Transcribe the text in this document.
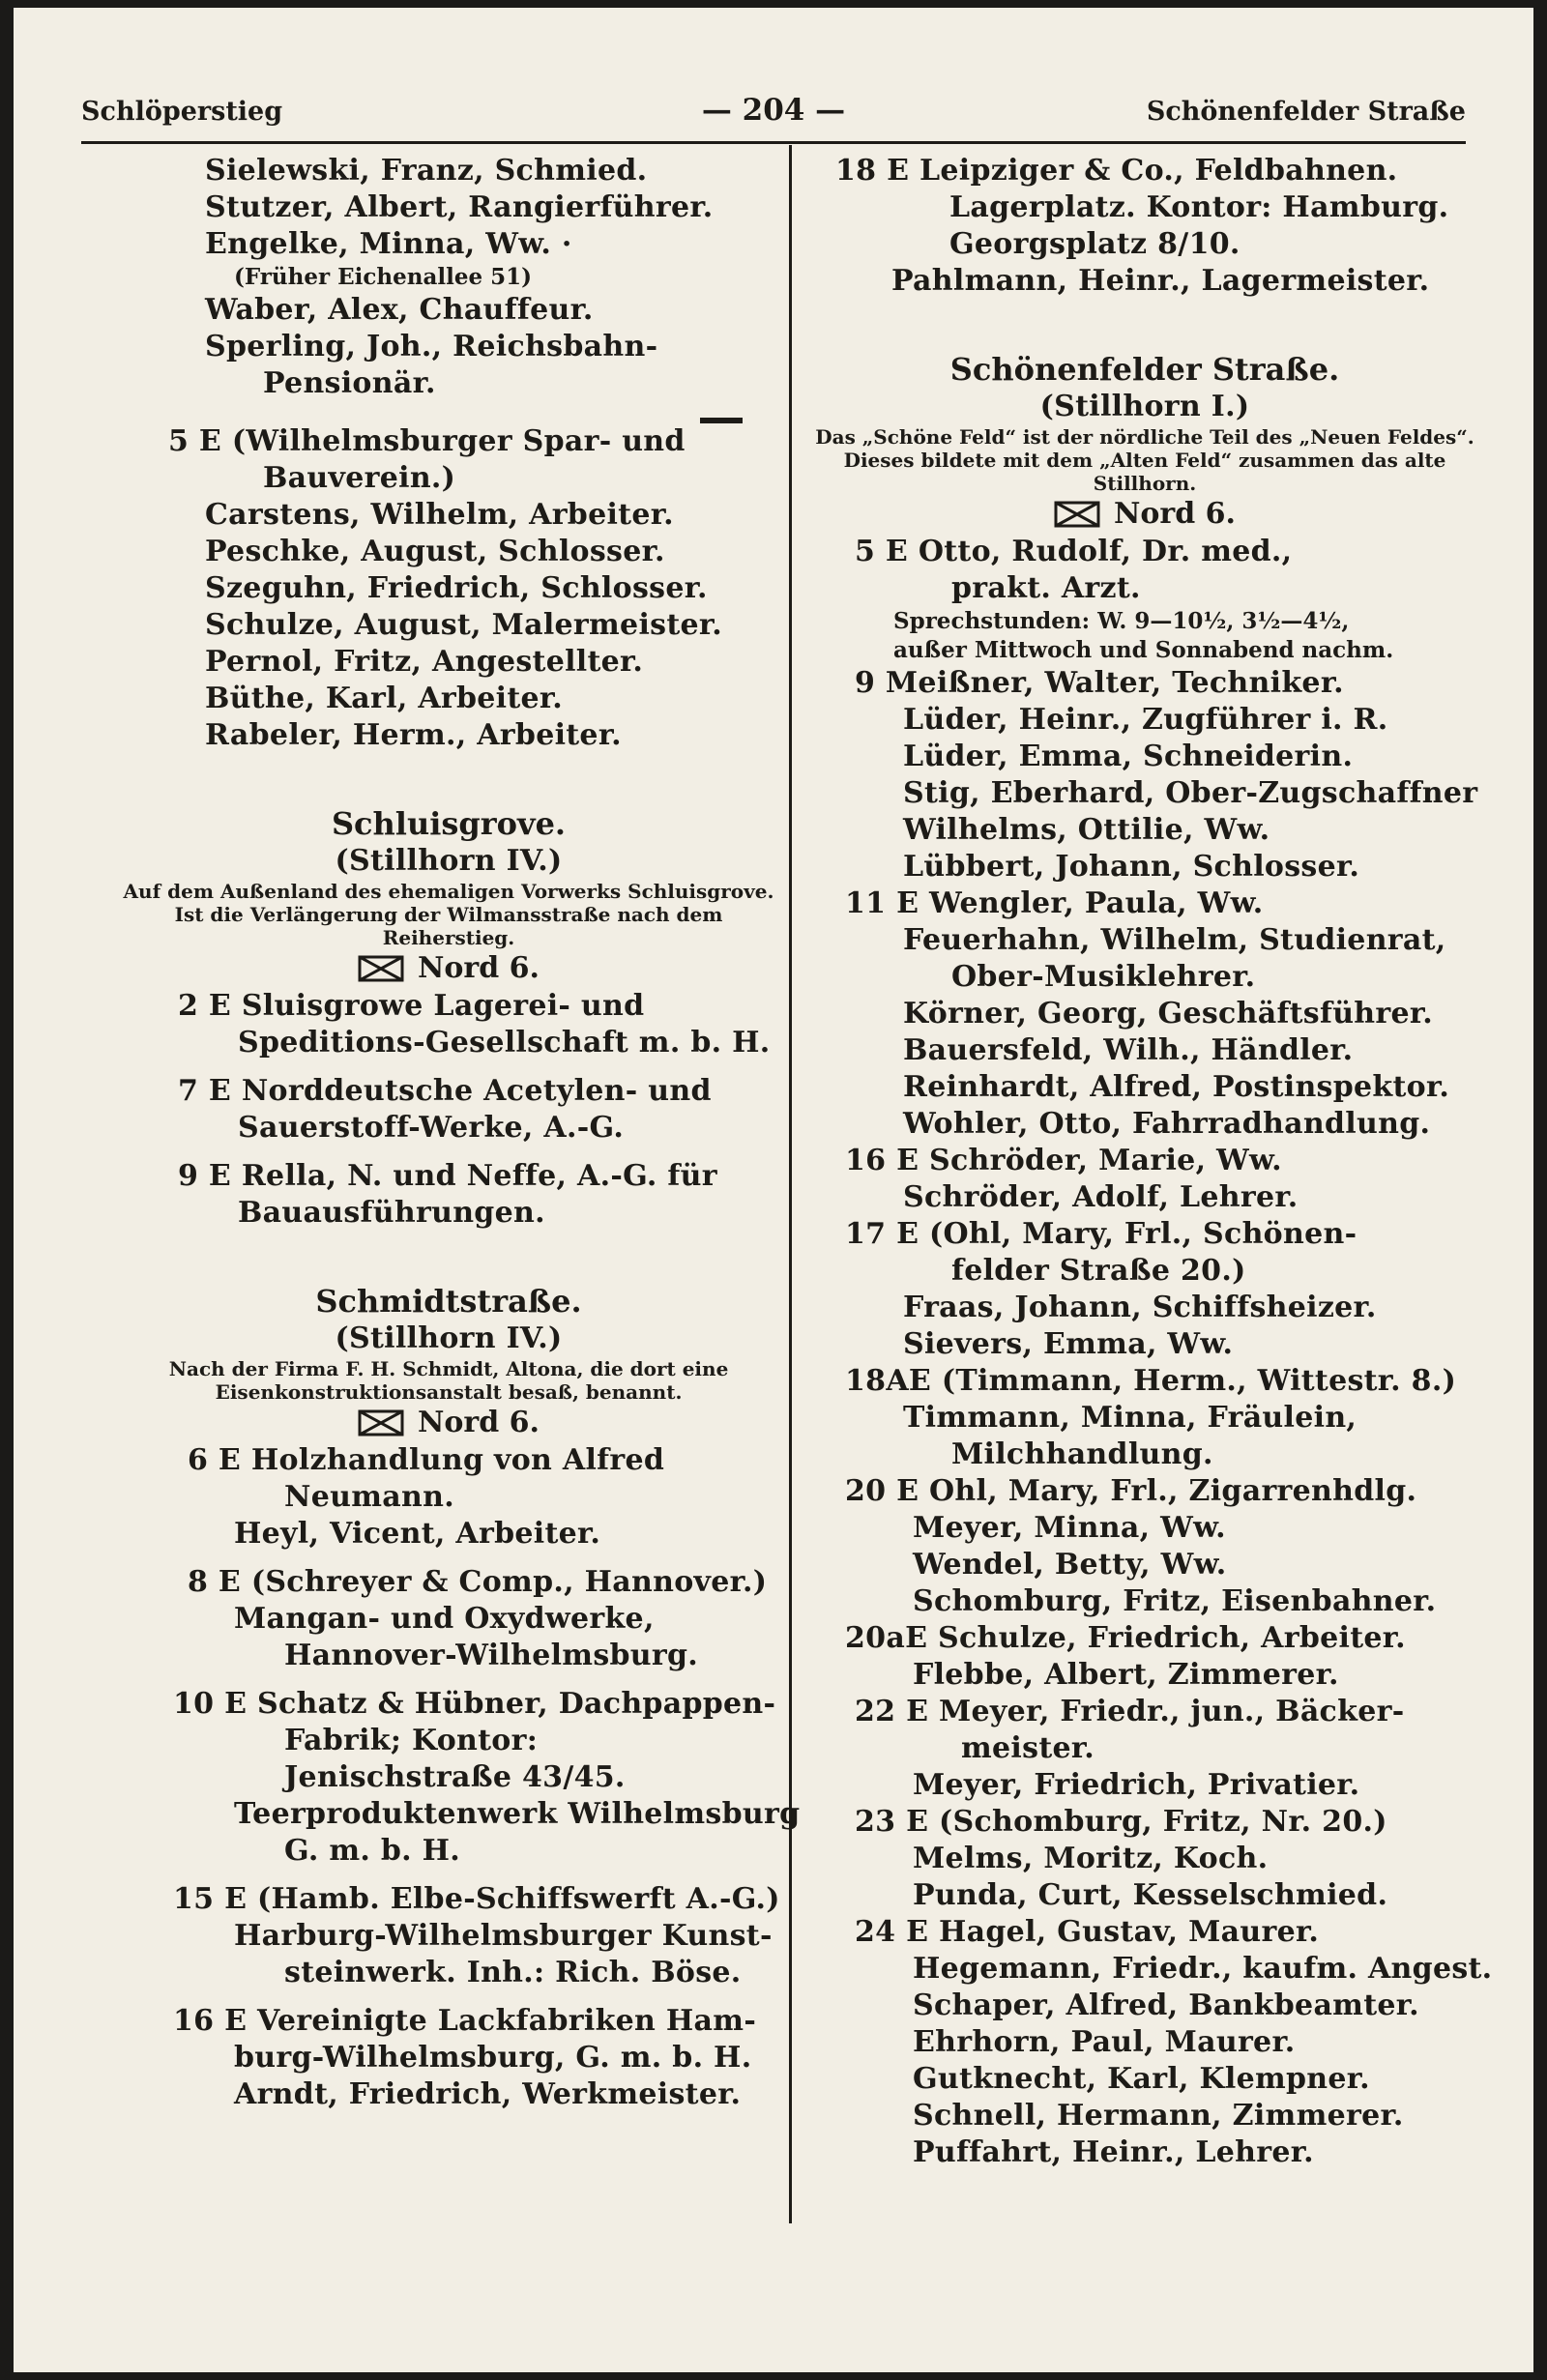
Schlöperstieg	— 204 —	Schönenfelder Straße
Sielewski, Franz, Schmied.
Stutzer, Albert, Rangierführer.
Engelke, Minna, Ww. ·
(Früher Eichenallee 51)
Waber, Alex, Chauffeur.
Sperling, Joh., Reichsbahn-
Pensionär.
5 E (Wilhelmsburger Spar- und
Bauverein.)
Carstens, Wilhelm, Arbeiter.
Peschke, August, Schlosser.
Szeguhn, Friedrich, Schlosser.
Schulze, August, Malermeister.
Pernol, Fritz, Angestellter.
Büthe, Karl, Arbeiter.
Rabeler, Herm., Arbeiter.
Schluisgrove.
(Stillhorn IV.)
Auf dem Außenland des ehemaligen Vorwerks Schluisgrove. Ist die Verlängerung der Wilmansstraße nach dem Reiherstieg.
Nord 6.
2 E Sluisgrowe Lagerei- und
Speditions-Gesellschaft m. b. H.
7 E Norddeutsche Acetylen- und
Sauerstoff-Werke, A.-G.
9 E Rella, N. und Neffe, A.-G. für
Bauausführungen.
Schmidtstraße.
(Stillhorn IV.)
Nach der Firma F. H. Schmidt, Altona, die dort eine Eisenkonstruktionsanstalt besaß, benannt.
Nord 6.
6 E Holzhandlung von Alfred
Neumann.
Heyl, Vicent, Arbeiter.
8 E (Schreyer & Comp., Hannover.)
Mangan- und Oxydwerke,
Hannover-Wilhelmsburg.
10 E Schatz & Hübner, Dachpappen-
Fabrik; Kontor:
Jenischstraße 43/45.
Teerproduktenwerk Wilhelmsburg
G. m. b. H.
15 E (Hamb. Elbe-Schiffswerft A.-G.)
Harburg-Wilhelmsburger Kunst-
steinwerk. Inh.: Rich. Böse.
16 E Vereinigte Lackfabriken Ham-
burg-Wilhelmsburg, G. m. b. H.
Arndt, Friedrich, Werkmeister.
18 E Leipziger & Co., Feldbahnen.
Lagerplatz. Kontor: Hamburg.
Georgsplatz 8/10.
Pahlmann, Heinr., Lagermeister.
Schönenfelder Straße.
(Stillhorn I.)
Das „Schöne Feld“ ist der nördliche Teil des „Neuen Feldes“. Dieses bildete mit dem „Alten Feld“ zusammen das alte Stillhorn.
Nord 6.
5 E Otto, Rudolf, Dr. med.,
prakt. Arzt.
Sprechstunden: W. 9—10½, 3½—4½,
außer Mittwoch und Sonnabend nachm.
9 Meißner, Walter, Techniker.
Lüder, Heinr., Zugführer i. R.
Lüder, Emma, Schneiderin.
Stig, Eberhard, Ober-Zugschaffner
Wilhelms, Ottilie, Ww.
Lübbert, Johann, Schlosser.
11 E Wengler, Paula, Ww.
Feuerhahn, Wilhelm, Studienrat,
Ober-Musiklehrer.
Körner, Georg, Geschäftsführer.
Bauersfeld, Wilh., Händler.
Reinhardt, Alfred, Postinspektor.
Wohler, Otto, Fahrradhandlung.
16 E Schröder, Marie, Ww.
Schröder, Adolf, Lehrer.
17 E (Ohl, Mary, Frl., Schönen-
felder Straße 20.)
Fraas, Johann, Schiffsheizer.
Sievers, Emma, Ww.
18AE (Timmann, Herm., Wittestr. 8.)
Timmann, Minna, Fräulein,
Milchhandlung.
20 E Ohl, Mary, Frl., Zigarrenhdlg.
Meyer, Minna, Ww.
Wendel, Betty, Ww.
Schomburg, Fritz, Eisenbahner.
20aE Schulze, Friedrich, Arbeiter.
Flebbe, Albert, Zimmerer.
22 E Meyer, Friedr., jun., Bäcker-
meister.
Meyer, Friedrich, Privatier.
23 E (Schomburg, Fritz, Nr. 20.)
Melms, Moritz, Koch.
Punda, Curt, Kesselschmied.
24 E Hagel, Gustav, Maurer.
Hegemann, Friedr., kaufm. Angest.
Schaper, Alfred, Bankbeamter.
Ehrhorn, Paul, Maurer.
Gutknecht, Karl, Klempner.
Schnell, Hermann, Zimmerer.
Puffahrt, Heinr., Lehrer.
